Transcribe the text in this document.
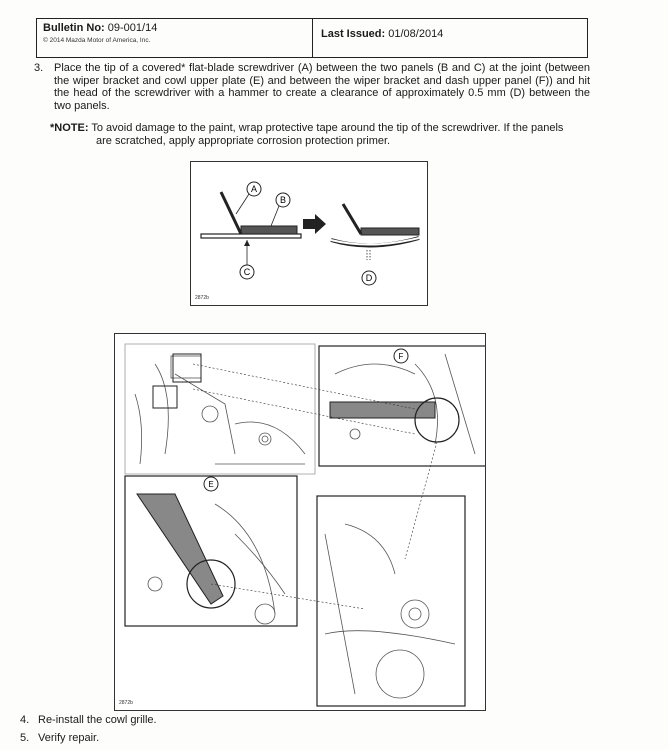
Bulletin No: 09-001/14
© 2014 Mazda Motor of America, Inc.
Last Issued: 01/08/2014
3. Place the tip of a covered* flat-blade screwdriver (A) between the two panels (B and C) at the joint (between the wiper bracket and cowl upper plate (E) and between the wiper bracket and dash upper panel (F)) and hit the head of the screwdriver with a hammer to create a clearance of approximately 0.5 mm (D) between the two panels.
*NOTE: To avoid damage to the paint, wrap protective tape around the tip of the screwdriver. If the panels
are scratched, apply appropriate corrosion protection primer.
A
B
C
D
2872b
F
E
2872b
4. Re-install the cowl grille.
5. Verify repair.
